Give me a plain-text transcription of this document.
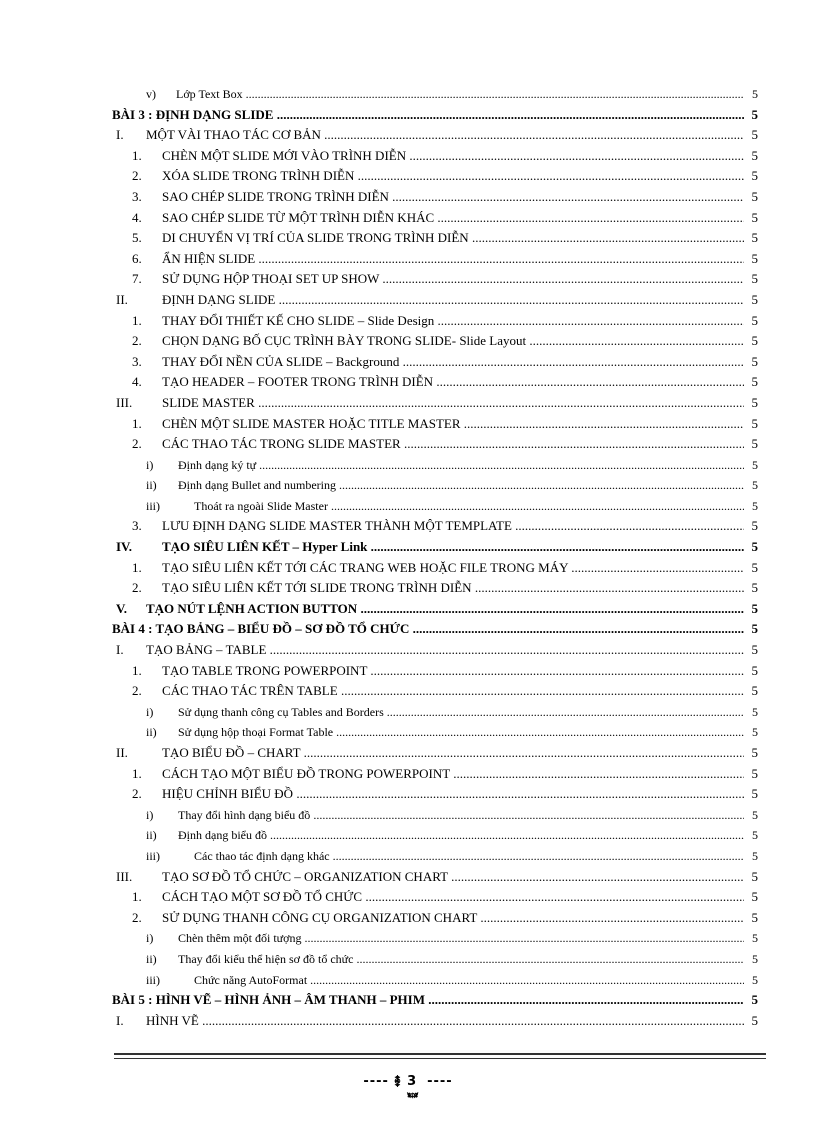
v) Lớp Text Box .....	5
BÀI 3 : ĐỊNH DẠNG SLIDE .....	5
I. MỘT VÀI THAO TÁC CƠ BẢN .....	5
1. CHÈN MỘT SLIDE MỚI VÀO TRÌNH DIỄN .....	5
2. XÓA SLIDE TRONG TRÌNH DIỄN .....	5
3. SAO CHÉP SLIDE TRONG TRÌNH DIỄN .....	5
4. SAO CHÉP SLIDE TỪ MỘT TRÌNH DIỄN KHÁC .....	5
5. DI CHUYỂN VỊ TRÍ CỦA SLIDE TRONG TRÌNH DIỄN .....	5
6. ẨN HIỆN SLIDE .....	5
7. SỬ DỤNG HỘP THOẠI SET UP SHOW .....	5
II.	ĐỊNH DẠNG SLIDE .....	5
1. THAY ĐỔI THIẾT KẾ CHO SLIDE – Slide Design .....	5
2. CHỌN DẠNG BỐ CỤC TRÌNH BÀY TRONG SLIDE- Slide Layout .....	5
3. THAY ĐỔI NỀN CỦA SLIDE – Background .....	5
4. TẠO HEADER – FOOTER TRONG TRÌNH DIỄN .....	5
III. SLIDE MASTER .....	5
1. CHÈN MỘT SLIDE MASTER HOẶC TITLE MASTER .....	5
2. CÁC THAO TÁC TRONG SLIDE MASTER .....	5
i) Định dạng ký tự .....	5
ii) Định dạng Bullet and numbering .....	5
iii)	Thoát ra ngoài Slide Master .....	5
3. LƯU ĐỊNH DẠNG SLIDE MASTER THÀNH MỘT TEMPLATE .....	5
IV. TẠO SIÊU LIÊN KẾT – Hyper Link .....	5
1. TẠO SIÊU LIÊN KẾT TỚI CÁC TRANG WEB HOẶC FILE TRONG MÁY .....	5
2. TẠO SIÊU LIÊN KẾT TỚI SLIDE TRONG TRÌNH DIỄN .....	5
V. TẠO NÚT LỆNH ACTION BUTTON .....	5
BÀI 4 : TẠO BẢNG – BIỂU ĐỒ – SƠ ĐỒ TỔ CHỨC .....	5
I. TẠO BẢNG – TABLE .....	5
1. TẠO TABLE TRONG POWERPOINT .....	5
2. CÁC THAO TÁC TRÊN TABLE .....	5
i) Sử dụng thanh công cụ Tables and Borders .....	5
ii) Sử dụng hộp thoại Format Table .....	5
II.	TẠO BIỂU ĐỒ – CHART .....	5
1. CÁCH TẠO MỘT BIỂU ĐỒ TRONG POWERPOINT .....	5
2. HIỆU CHỈNH BIỂU ĐỒ .....	5
i) Thay đổi hình dạng biểu đồ .....	5
ii) Định dạng biểu đồ .....	5
iii)	Các thao tác định dạng khác .....	5
III. TẠO SƠ ĐỒ TỔ CHỨC – ORGANIZATION CHART .....	5
1. CÁCH TẠO MỘT SƠ ĐỒ TỔ CHỨC .....	5
2. SỬ DỤNG THANH CÔNG CỤ ORGANIZATION CHART .....	5
i) Chèn thêm một đối tượng .....	5
ii) Thay đổi kiểu thể hiện sơ đồ tổ chức .....	5
iii)	Chức năng AutoFormat .....	5
BÀI 5 : HÌNH VẼ – HÌNH ẢNH – ÂM THANH – PHIM .....	5
I. HÌNH VẼ .....	5
---- ࿅ 3 ࿆ ----
